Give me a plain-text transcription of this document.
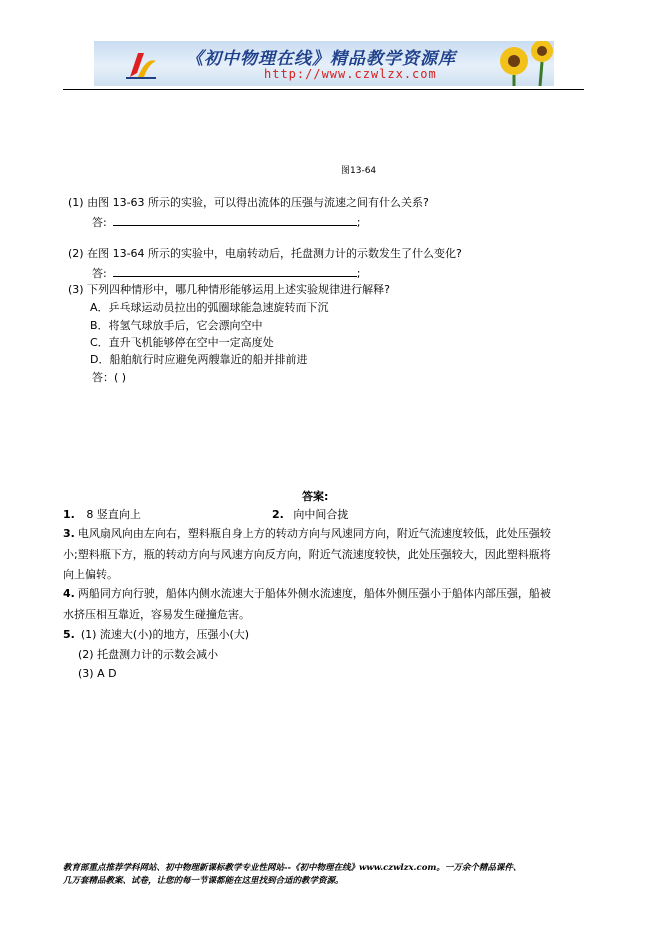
《初中物理在线》精品教学资源库
http://www.czwlzx.com
图13-64
(1) 由图 13-63 所示的实验，可以得出流体的压强与流速之间有什么关系?
答:	;
(2) 在图 13-64 所示的实验中，电扇转动后，托盘测力计的示数发生了什么变化?
答:	;
(3) 下列四种情形中，哪几种情形能够运用上述实验规律进行解释?
A．乒乓球运动员拉出的弧圈球能急速旋转而下沉
B．将氢气球放手后，它会漂向空中
C．直升飞机能够停在空中一定高度处
D．船舶航行时应避免两艘靠近的船并排前进
答：( )
答案:
1. 8 竖直向上	2. 向中间合拢
3. 电风扇风向由左向右，塑料瓶自身上方的转动方向与风速同方向，附近气流速度较低，此处压强较
小;塑料瓶下方，瓶的转动方向与风速方向反方向，附近气流速度较快，此处压强较大，因此塑料瓶将
向上偏转。
4. 两船同方向行驶，船体内侧水流速大于船体外侧水流速度，船体外侧压强小于船体内部压强，船被
水挤压相互靠近，容易发生碰撞危害。
5. (1) 流速大(小)的地方，压强小(大)
(2) 托盘测力计的示数会减小
(3) A D
教育部重点推荐学科网站、初中物理新课标教学专业性网站--《初中物理在线》www.czwlzx.com。一万余个精品课件、
几万套精品教案、试卷，让您的每一节课都能在这里找到合适的教学资源。
